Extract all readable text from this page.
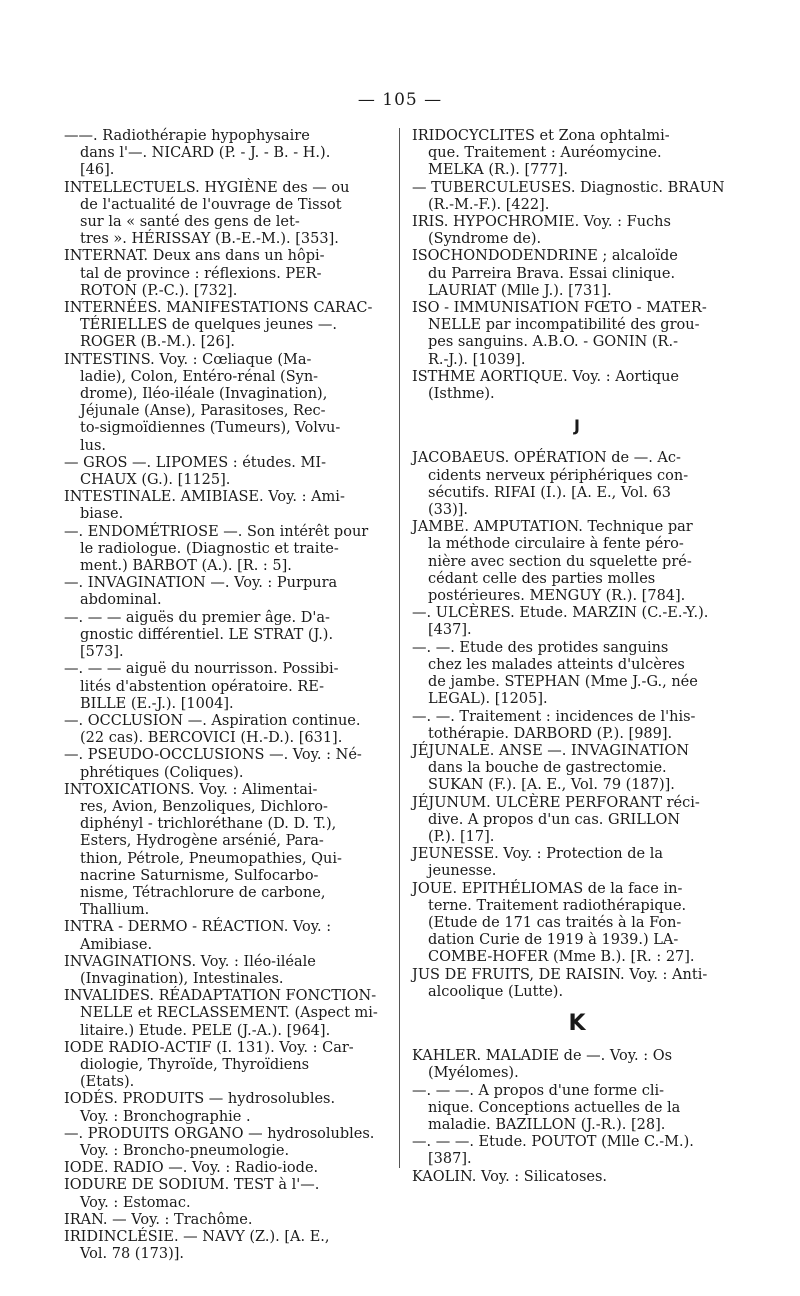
— 105 —
——. Radiothérapie hypophysaire
dans l'—. NICARD (P. - J. - B. - H.).
[46].
INTELLECTUELS. HYGIÈNE des — ou
de l'actualité de l'ouvrage de Tissot
sur la « santé des gens de let-
tres ». HÉRISSAY (B.-E.-M.). [353].
INTERNAT. Deux ans dans un hôpi-
tal de province : réflexions. PER-
ROTON (P.-C.). [732].
INTERNÉES. MANIFESTATIONS CARAC-
TÉRIELLES de quelques jeunes —.
ROGER (B.-M.). [26].
INTESTINS. Voy. : Cœliaque (Ma-
ladie), Colon, Entéro-rénal (Syn-
drome), Iléo-iléale (Invagination),
Jéjunale (Anse), Parasitoses, Rec-
to-sigmoïdiennes (Tumeurs), Volvu-
lus.
— GROS —. LIPOMES : études. MI-
CHAUX (G.). [1125].
INTESTINALE. AMIBIASE. Voy. : Ami-
biase.
—. ENDOMÉTRIOSE —. Son intérêt pour
le radiologue. (Diagnostic et traite-
ment.) BARBOT (A.). [R. : 5].
—. INVAGINATION —. Voy. : Purpura
abdominal.
—. — — aiguës du premier âge. D'a-
gnostic différentiel. LE STRAT (J.).
[573].
—. — — aiguë du nourrisson. Possibi-
lités d'abstention opératoire. RE-
BILLE (E.-J.). [1004].
—. OCCLUSION —. Aspiration continue.
(22 cas). BERCOVICI (H.-D.). [631].
—. PSEUDO-OCCLUSIONS —. Voy. : Né-
phrétiques (Coliques).
INTOXICATIONS. Voy. : Alimentai-
res, Avion, Benzoliques, Dichloro-
diphényl - trichloréthane (D. D. T.),
Esters, Hydrogène arsénié, Para-
thion, Pétrole, Pneumopathies, Qui-
nacrine Saturnisme, Sulfocarbo-
nisme, Tétrachlorure de carbone,
Thallium.
INTRA - DERMO - RÉACTION. Voy. :
Amibiase.
INVAGINATIONS. Voy. : Iléo-iléale
(Invagination), Intestinales.
INVALIDES. RÉADAPTATION FONCTION-
NELLE et RECLASSEMENT. (Aspect mi-
litaire.) Etude. PELE (J.-A.). [964].
IODE RADIO-ACTIF (I. 131). Voy. : Car-
diologie, Thyroïde, Thyroïdiens
(Etats).
IODÉS. PRODUITS — hydrosolubles.
Voy. : Bronchographie .
—. PRODUITS ORGANO — hydrosolubles.
Voy. : Broncho-pneumologie.
IODE. RADIO —. Voy. : Radio-iode.
IODURE DE SODIUM. TEST à l'—.
Voy. : Estomac.
IRAN. — Voy. : Trachôme.
IRIDINCLÉSIE. — NAVY (Z.). [A. E.,
Vol. 78 (173)].
IRIDOCYCLITES et Zona ophtalmi-
que. Traitement : Auréomycine.
MELKA (R.). [777].
— TUBERCULEUSES. Diagnostic. BRAUN
(R.-M.-F.). [422].
IRIS. HYPOCHROMIE. Voy. : Fuchs
(Syndrome de).
ISOCHONDODENDRINE ; alcaloïde
du Parreira Brava. Essai clinique.
LAURIAT (Mlle J.). [731].
ISO - IMMUNISATION FŒTO - MATER-
NELLE par incompatibilité des grou-
pes sanguins. A.B.O. - GONIN (R.-
R.-J.). [1039].
ISTHME AORTIQUE. Voy. : Aortique
(Isthme).
J
JACOBAEUS. OPÉRATION de —. Ac-
cidents nerveux périphériques con-
sécutifs. RIFAI (I.). [A. E., Vol. 63
(33)].
JAMBE. AMPUTATION. Technique par
la méthode circulaire à fente péro-
nière avec section du squelette pré-
cédant celle des parties molles
postérieures. MENGUY (R.). [784].
—. ULCÈRES. Etude. MARZIN (C.-E.-Y.).
[437].
—. —. Etude des protides sanguins
chez les malades atteints d'ulcères
de jambe. STEPHAN (Mme J.-G., née
LEGAL). [1205].
—. —. Traitement : incidences de l'his-
tothérapie. DARBORD (P.). [989].
JÉJUNALE. ANSE —. INVAGINATION
dans la bouche de gastrectomie.
SUKAN (F.). [A. E., Vol. 79 (187)].
JÉJUNUM. ULCÈRE PERFORANT réci-
dive. A propos d'un cas. GRILLON
(P.). [17].
JEUNESSE. Voy. : Protection de la
jeunesse.
JOUE. EPITHÉLIOMAS de la face in-
terne. Traitement radiothérapique.
(Etude de 171 cas traités à la Fon-
dation Curie de 1919 à 1939.) LA-
COMBE-HOFER (Mme B.). [R. : 27].
JUS DE FRUITS, DE RAISIN. Voy. : Anti-
alcoolique (Lutte).
K
KAHLER. MALADIE de —. Voy. : Os
(Myélomes).
—. — —. A propos d'une forme cli-
nique. Conceptions actuelles de la
maladie. BAZILLON (J.-R.). [28].
—. — —. Etude. POUTOT (Mlle C.-M.).
[387].
KAOLIN. Voy. : Silicatoses.
